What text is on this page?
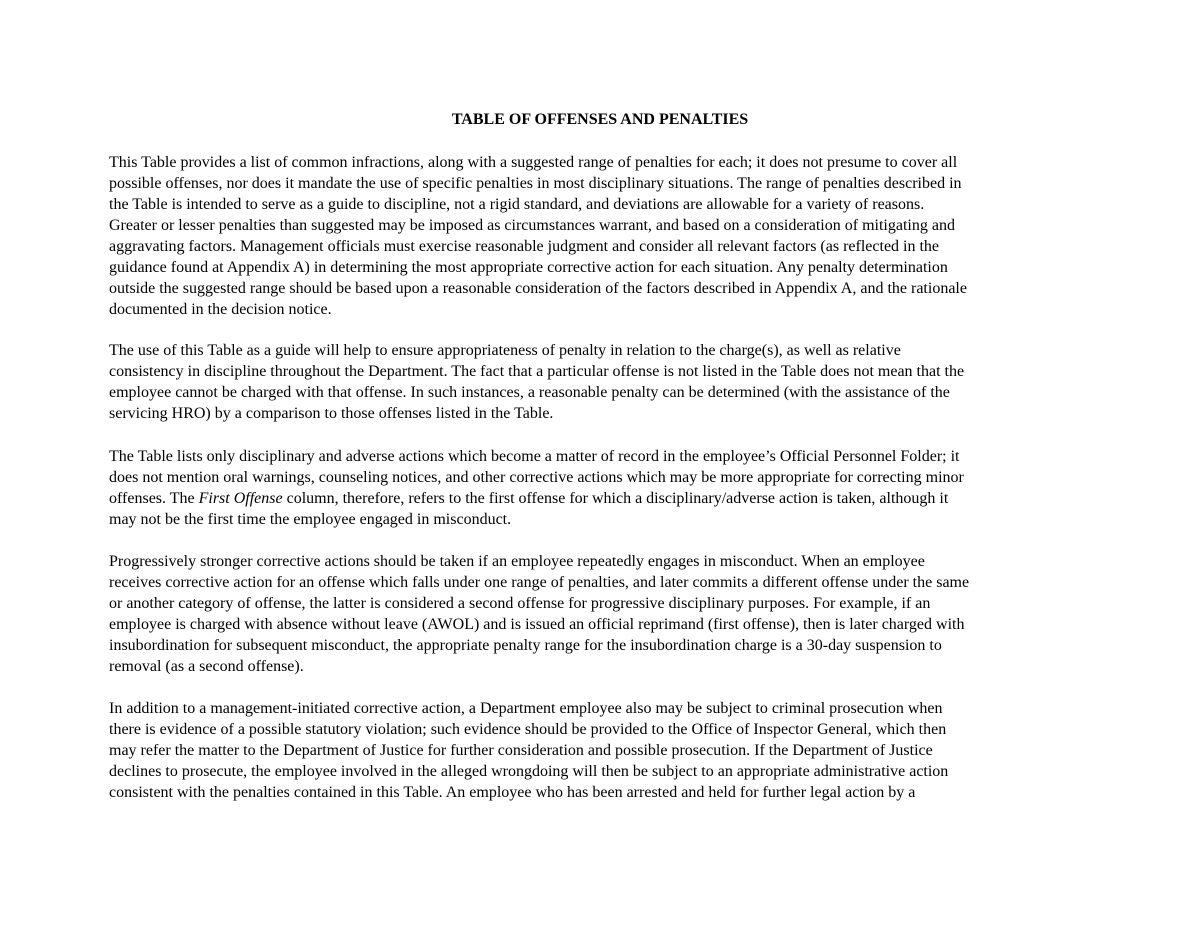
TABLE OF OFFENSES AND PENALTIES

This Table provides a list of common infractions, along with a suggested range of penalties for each; it does not presume to cover all
possible offenses, nor does it mandate the use of specific penalties in most disciplinary situations. The range of penalties described in
the Table is intended to serve as a guide to discipline, not a rigid standard, and deviations are allowable for a variety of reasons.
Greater or lesser penalties than suggested may be imposed as circumstances warrant, and based on a consideration of mitigating and
aggravating factors. Management officials must exercise reasonable judgment and consider all relevant factors (as reflected in the
guidance found at Appendix A) in determining the most appropriate corrective action for each situation. Any penalty determination
outside the suggested range should be based upon a reasonable consideration of the factors described in Appendix A, and the rationale
documented in the decision notice.

The use of this Table as a guide will help to ensure appropriateness of penalty in relation to the charge(s), as well as relative
consistency in discipline throughout the Department. The fact that a particular offense is not listed in the Table does not mean that the
employee cannot be charged with that offense. In such instances, a reasonable penalty can be determined (with the assistance of the
servicing HRO) by a comparison to those offenses listed in the Table.

The Table lists only disciplinary and adverse actions which become a matter of record in the employee’s Official Personnel Folder; it
does not mention oral warnings, counseling notices, and other corrective actions which may be more appropriate for correcting minor
offenses. The First Offense column, therefore, refers to the first offense for which a disciplinary/adverse action is taken, although it
may not be the first time the employee engaged in misconduct.

Progressively stronger corrective actions should be taken if an employee repeatedly engages in misconduct. When an employee
receives corrective action for an offense which falls under one range of penalties, and later commits a different offense under the same
or another category of offense, the latter is considered a second offense for progressive disciplinary purposes. For example, if an
employee is charged with absence without leave (AWOL) and is issued an official reprimand (first offense), then is later charged with
insubordination for subsequent misconduct, the appropriate penalty range for the insubordination charge is a 30-day suspension to
removal (as a second offense).

In addition to a management-initiated corrective action, a Department employee also may be subject to criminal prosecution when
there is evidence of a possible statutory violation; such evidence should be provided to the Office of Inspector General, which then
may refer the matter to the Department of Justice for further consideration and possible prosecution. If the Department of Justice
declines to prosecute, the employee involved in the alleged wrongdoing will then be subject to an appropriate administrative action
consistent with the penalties contained in this Table. An employee who has been arrested and held for further legal action by a
